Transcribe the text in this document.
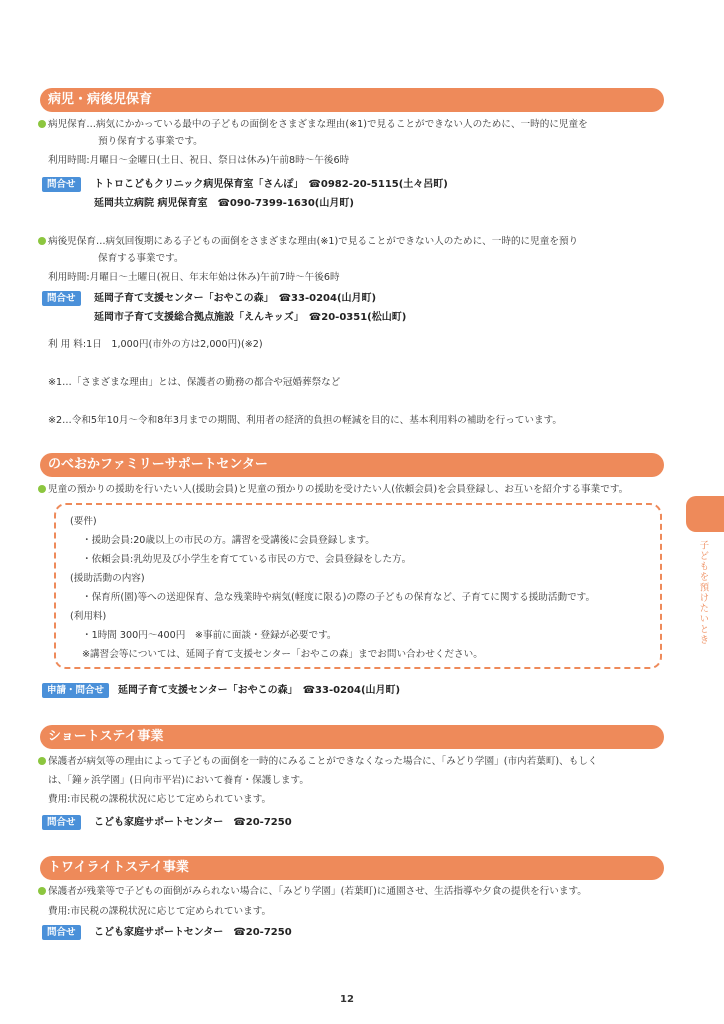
病児・病後児保育
病児保育…病気にかかっている最中の子どもの面倒をさまざまな理由(※1)で見ることができない人のために、一時的に児童を
預り保育する事業です。
利用時間:月曜日～金曜日(土日、祝日、祭日は休み)午前8時～午後6時
問合せ	トトロこどもクリニック病児保育室「さんぽ」　☎0982-20-5115(土々呂町)
延岡共立病院 病児保育室　☎090-7399-1630(山月町)
病後児保育…病気回復期にある子どもの面倒をさまざまな理由(※1)で見ることができない人のために、一時的に児童を預り
保育する事業です。
利用時間:月曜日～土曜日(祝日、年末年始は休み)午前7時～午後6時
問合せ	延岡子育て支援センター「おやこの森」　☎33-0204(山月町)
延岡市子育て支援総合拠点施設「えんキッズ」　☎20-0351(松山町)
利 用 料:1日　1,000円(市外の方は2,000円)(※2)
※1…「さまざまな理由」とは、保護者の勤務の都合や冠婚葬祭など
※2…令和5年10月～令和8年3月までの期間、利用者の経済的負担の軽減を目的に、基本利用料の補助を行っています。
のべおかファミリーサポートセンター
児童の預かりの援助を行いたい人(援助会員)と児童の預かりの援助を受けたい人(依頼会員)を会員登録し、お互いを紹介する事業です。
(要件)
・援助会員:20歳以上の市民の方。講習を受講後に会員登録します。
・依頼会員:乳幼児及び小学生を育てている市民の方で、会員登録をした方。
(援助活動の内容)
・保育所(園)等への送迎保育、急な残業時や病気(軽度に限る)の際の子どもの保育など、子育てに関する援助活動です。
(利用料)
・1時間 300円～400円　※事前に面談・登録が必要です。
※講習会等については、延岡子育て支援センター「おやこの森」までお問い合わせください。
申請・問合せ	延岡子育て支援センター「おやこの森」　☎33-0204(山月町)
ショートステイ事業
保護者が病気等の理由によって子どもの面倒を一時的にみることができなくなった場合に、「みどり学園」(市内若葉町)、もしく
は、「鐘ヶ浜学園」(日向市平岩)において養育・保護します。
費用:市民税の課税状況に応じて定められています。
問合せ	こども家庭サポートセンター　☎20-7250
トワイライトステイ事業
保護者が残業等で子どもの面倒がみられない場合に、「みどり学園」(若葉町)に通園させ、生活指導や夕食の提供を行います。
費用:市民税の課税状況に応じて定められています。
問合せ	こども家庭サポートセンター　☎20-7250
子どもを預けたいとき
12
